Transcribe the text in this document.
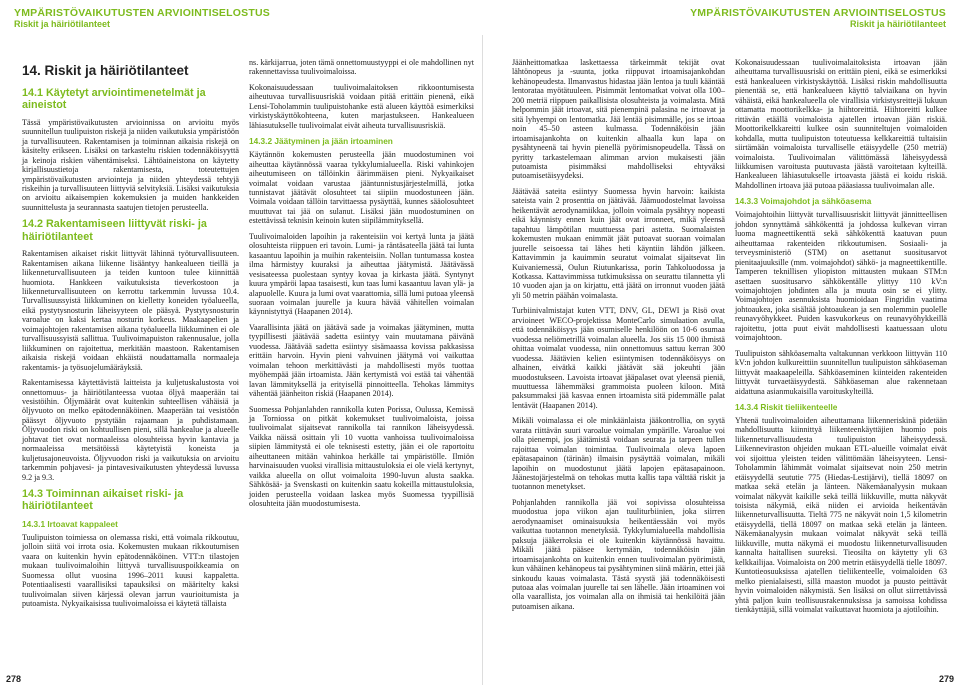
YMPÄRISTÖVAIKUTUSTEN ARVIOINTISELOSTUS
Riskit ja häiriötilanteet
YMPÄRISTÖVAIKUTUSTEN ARVIOINTISELOSTUS
Riskit ja häiriötilanteet
14. Riskit ja häiriötilanteet
14.1 Käytetyt arviointimenetelmät ja aineistot

Tässä ympäristövaikutusten arvioinnissa on arvioitu myös suunnitellun tuulipuiston riskejä ja niiden vaikutuksia ympäristöön ja turvallisuuteen. Rakentamisen ja toiminnan aikaisia riskejä on käsitelty erikseen. Lisäksi on tarkasteltu riskien todennäköisyyttä ja keinoja riskien vähentämiseksi. Lähtöaineistona on käytetty kirjallisuustietoja rakentamisesta, toteutettujen ympäristövaikutusten arviointeja ja niiden yhteydessä tehtyjä riskeihin ja turvallisuuteen liittyviä selvityksiä. Lisäksi vaikutuksia on arvioitu aikaisempien kokemuksien ja muiden hankkeiden suunnittelusta ja seurannasta saatujen tietojen perusteella.

14.2 Rakentamiseen liittyvät riski- ja häiriötilanteet

Rakentamisen aikaiset riskit liittyvät lähinnä työturvallisuuteen. Rakentamisen aikana liikenne lisääntyy hankealueen tieillä ja liikenneturvallisuuteen ja teiden kuntoon tulee kiinnittää huomiota. Hankkeen vaikutuksista tieverkostoon ja liikenneturvallisuuteen on kerrottu tarkemmin luvussa 10.4. Turvallisuussyistä liikkuminen on kielletty koneiden työalueella, eikä pystytysnosturin läheisyyteen ole pääsyä. Pystytysnosturin varoalue on kaksi kertaa nosturin korkeus. Maakaapelien ja voimajohtojen rakentamisen aikana työalueella liikkuminen ei ole turvallisuussyistä sallittua. Tuulivoimapuiston rakennusalue, jolla liikkuminen on rajoitettua, merkitään maastoon. Rakentamisen aikaisia riskejä voidaan ehkäistä noudattamalla normaaleja rakentamis- ja työsuojelumääräyksiä.

Rakentamisessa käytettävistä laitteista ja kuljetuskalustosta voi onnettomuus- ja häiriötilanteessa vuotaa öljyä maaperään tai vesistöihin. Öljymäärät ovat kuitenkin suhteellisen vähäisiä ja öljyvuoto on melko epätodennäköinen. Maaperään tai vesistöön päässyt öljyvuoto pystytään rajaamaan ja puhdistamaan. Öljyvuodon riski on kohtuullisen pieni, sillä hankealue ja alueelle johtavat tiet ovat normaaleissa olosuhteissa hyvin kantavia ja normaaleissa metsätöissä käytetyistä koneista ja kuljetusajoneuvoista. Öljyvuodon riski ja vaikutuksia on arvioitu tarkemmin pohjavesi- ja pintavesivaikutusten yhteydessä luvussa 9.2 ja 9.3.

14.3 Toiminnan aikaiset riski- ja häiriötilanteet
14.3.1 Irtoavat kappaleet

Tuulipuiston toimiessa on olemassa riski, että voimala rikkoutuu, jolloin siitä voi irrota osia. Kokemusten mukaan rikkoutumisen vaara on kuitenkin hyvin epätodennäköinen. VTT:n tilastojen mukaan tuulivoimaloihin liittyvä turvallisuuspoikkeamia on Suomessa ollut vuosina 1996–2011 kuusi kappaletta. Potentiaalisesti vaarallisiksi tapauksiksi on määritelty kaksi tuulivoimalan siiven kärjessä olevan jarrun vaurioitumista ja putoamista. Nykyaikaisissa tuulivoimaloissa ei käytetä tällaista

ns. kärkijarrua, joten tämä onnettomuustyyppi ei ole mahdollinen nyt rakennettavissa tuulivoimaloissa.

Kokonaisuudessaan tuulivoimalaitoksen rikkoontumisesta aiheutuvaa turvallisuusriskiä voidaan pitää erittäin pienenä, eikä Lensi-Toholammin tuulipuistohanke estä alueen käyttöä esimerkiksi virkistyskäyttökohteena, kuten marjastukseen. Hankealueen lähiasutukselle tuulivoimalat eivät aiheuta turvallisuusriskiä.

14.3.2 Jäätyminen ja jään irtoaminen

Käytännön kokemusten perusteella jään muodostuminen voi aiheuttaa käytännössä vaaraa tykkylumialueella. Riski vahinkojen aiheutumiseen on tällöinkin äärimmäisen pieni. Nykyaikaiset voimalat voidaan varustaa jääntunnistusjärjestelmillä, jotka tunnistavat jäätävät olosuhteet tai siipiin muodostuneen jään. Voimala voidaan tällöin tarvittaessa pysäyttää, kunnes sääolosuhteet muuttuvat tai jää on sulanut. Lisäksi jään muodostuminen on estettävissä teknisin keinoin kuten siipilämmityksellä.

Tuulivoimaloiden lapoihin ja rakenteisiin voi kertyä lunta ja jäätä olosuhteista riippuen eri tavoin. Lumi- ja räntäsateella jäätä tai lunta kasaantuu lapoihin ja muihin rakenteisiin. Nollan tuntumassa kostea ilma härmistyy kuuraksi ja aiheuttaa jäätymistä. Jäätävässä vesisateessa puolestaan syntyy kovaa ja kirkasta jäätä. Syntynyt kuura ympäröi lapaa tasaisesti, kun taas lumi kasaantuu lavan ylä- ja alapuolelle. Kuura ja lumi ovat vaarattomia, sillä lumi putoaa yleensä suoraan voimalan juurelle ja kuura hävää vähitellen voimalan käynnistyttyä (Haapanen 2014).

Vaarallisinta jäätä on jäätävä sade ja voimakas jäätyminen, mutta tyypillisesti jäätävää sadetta esiintyy vain muutamana päivänä vuodessa. Jäätävää sadetta esiintyy sisämaassa kovissa pakkasissa erittäin harvoin. Hyvin pieni vahvuinen jäätymä voi vaikuttaa voimalan tehoon merkittävästi ja mahdollisesti myös tuottaa myöhempää jään irtoamista. Jään kertymistä voi estää tai vähentää lavan lämmityksellä ja erityisellä pinnoitteella. Tehokas lämmitys vähentää jäänheiton riskiä (Haapanen 2014).

Suomessa Pohjanlahden rannikolla kuten Porissa, Oulussa, Kemissä ja Torniossa on pitkät kokemukset tuulivoimaloista, joissa tuulivoimalat sijaitsevat rannikolla tai rannikon läheisyydessä. Vaikka näissä osittain yli 10 vuotta vanhoissa tuulivoimaloissa siipien lämmitystä ei ole teknisesti estetty, jään ei ole raportoitu aiheuttaneen mitään vahinkoa herkälle tai ympäristölle. Ilmiön harvinaisuuden vuoksi virallisia mittaustuloksia ei ole vielä kertynyt, vaikka alueella on ollut voimaloita 1990-luvun alusta saakka. Sähkösää- ja Svenskasti on kuitenkin saatu kokeilla mittaustuloksia, joiden perusteella voidaan laskea myös Suomessa tyypillisiä olosuhteita jään muodostumisesta.

Jäänheittomatkaa laskettaessa tärkeimmät tekijät ovat lähtönopeus ja -suunta, jotka riippuvat irtoamisajankohdan kehänopeudesta. Ilmanvastus hidastaa jään lentoa ja tuuli kääntää lentorataa myötätuuleen. Pisimmät lentomatkat voivat olla 100–200 metriä riippuen paikallisista olosuhteista ja voimalasta. Mitä helpommin jäät irtoavat, sitä pienempinä palasina ne irtoavat ja sitä lyhyempi on lentomatka. Jää lentää pisimmälle, jos se irtoaa noin 45–50 asteen kulmassa. Todennäköisin jään irtoamisajankohta on kuitenkin alhaalla kun lapa on pysähtyneenä tai hyvin pienellä pyörimisnopeudella. Tässä on pyritty tarkastelemaan alimman arvion mukaisesti jään putoamista pisimmäksi mahdolliseksi ehtyväksi putoamisetäisyydeksi.

Jäätävää sateita esiintyy Suomessa hyvin harvoin: kaikista sateista vain 2 prosenttia on jäätävää. Jäämuodostelmat lavoissa heikentävät aerodynamiikkaa, jolloin voimala pysähtyy nopeasti eikä käynnisty ennen kuin jäät ovat irronneet, mikä yleensä tapahtuu lämpötilan muuttuessa pari astetta. Suomalaisten kokemusten mukaan enimmät jäät putoavat suoraan voimalan juurelle seisoessa tai lähes heti käyntiin lähdön jälkeen. Kattavimmin ja kauimmin seuratut voimalat sijaitsevat Iin Kuivaniemessä, Oulun Riutunkarissa, porin Tahkoluodossa ja Kotkassa. Kattavimmissa tutkimuksissa on seurattu tilannetta yli 10 vuoden ajan ja on kirjattu, että jäätä on irronnut vuoden jäätä yli 50 metrin päähän voimalasta.

Turbiinivalmistajat kuten VTT, DNV, GL, DEWI ja Risö ovat arvioineet WECO-projektissa MonteCarlo simulaation avulla, että todennäköisyys jään osumiselle henkilöön on 10-6 osumaa vuodessa neliömetrillä voimalan alueella. Jos siis 15 000 ihmistä ohittaa voimalat vuodessa, niin onnettomuus sattuu kerran 300 vuodessa. Jäätävien kelien esiintymisen todennäköisyys on alhainen, eivätkä kaikki jäätävät sää jokeuhti jään muodostukseen. Lavoista irtoavat jääpalaset ovat yleensä pieniä, muuttuessa lähemmäksi grammoista puoleen kiloon. Mitä paksummaksi jää kasvaa ennen irtoamista sitä pidemmälle palat lentävät (Haapanen 2014).

Mikäli voimalassa ei ole minkäänlaista jääkontrollia, on syytä varata riittävän suuri varoalue voimalan ympärille. Varoalue voi olla pienempi, jos jäätämistä voidaan seurata ja tarpeen tullen rajoittaa voimalan toimintaa. Tuulivoimala oleva lapoen epätasapainon (tärinän) ilmaisin pysäyttää voimalan, mikäli lapoihin on muodostunut jäätä lapojen epätasapainoon. Jäänestojärjestelmä on tehokas mutta kallis tapa välttää riskit ja tuotannon menetykset.

Pohjanlahden rannikolla jää voi sopivissa olosuhteissa muodostua jopa viikon ajan tuuliturbiinien, joka siirren aerodynaamiset ominaisuuksia heikentäessään voi myös vaikuttaa tuotannon menetyksiä. Tykkylumialueella mahdollisia paksuja jääkerroksia ei ole kuitenkin käytännössä havaittu. Mikäli jäätä pääsee kertymään, todennäköisin jään irtoamisajankohta on kuitenkin ennen tuulivoimalan pyörimistä, kun vähäinen kehänopeus tai pysähtyminen siinä määrin, ettei jää sinkoudu kauas voimalasta. Tästä syystä jää todennäköisesti putoaa alas voimalan juurelle tai sen lähelle. Jään irtoaminen voi olla vaarallista, jos voimalan alla on ihmisiä tai henkilöitä jään putoamisen aikana.

Kokonaisuudessaan tuulivoimalaitoksista irtoavan jään aiheuttama turvallisuusriski on erittäin pieni, eikä se esimerkiksi estä hankealueen virkistyskäyttöä. Lisäksi riskin mahdollisuutta pienentää se, että hankealueen käyttö talviaikana on hyvin vähäistä, eikä hankealueella ole virallisia virkistysreittejä lukuun ottamatta moottorikelkka- ja hiihtoreittiä. Hiihtoreitti kulkee rittävän etäällä voimaloista ajatellen irtoavan jään riskiä. Moottorikelkkareitti kulkee osin suunniteltujen voimaloiden kohdalla, mutta tuulipuiston toteutuessa kelkkareittiä tultaisiin siirtämään voimaloista turvalliselle etäisyydelle (250 metriä) voimaloista. Tuulivoimalan välittömässä läheisyydessä liikkumisen varoitusta puutuvasta jäästä varoitetaan kylteillä. Hankealueen lähiasutukselle irtoavasta jäästä ei koidu riskiä. Mahdollinen irtoava jää putoaa pääasiassa tuulivoimalan alle.

14.3.3 Voimajohdot ja sähköasema

Voimajohtoihin liittyvät turvallisuusriskit liittyvät jännitteellisen johdon synnyttämä sähkökenttä ja johdossa kulkevan virran luoma magneettikenttä sekä sähkökenttä kaatuvan puun aiheuttamaa rakenteiden rikkoutumisen. Sosiaali- ja terveysministeriö (STM) on asettanut suositusarvot pienitaajuuksille (mm. voimajohdot) sähkö- ja magneettikentille. Tamperen teknillisen yliopiston mittausten mukaan STM:n asettaen suositusarvo sähkökentälle ylittyy 110 kV:n voimajohtojen johdinten alla ja muuta osin se ei ylitty. Voimajohtojen asennuksista huomioidaan Fingridin vaatima johtoaukea, joka sisältää johtoaukean ja sen molemmin puolelle reunavyöhykkeet. Puiden kasvukorkeus on reunavyöhykkeillä rajoitettu, jotta puut eivät mahdollisesti kaatuessaan ulotu voimajohtoon.

Tuulipuiston sähköasemalta valtakunnan verkkoon liittyvän 110 kV:n johdon kulkureittiin suunnitellun tuulipuiston sähköaseman liittyvät maakaapeleilla. Sähköaseminen kiinteiden rakenteiden liittyvät turvaetäisyydestä. Sähköaseman alue rakennetaan aidattuna asianmukaisilla varoituskylteillä.

14.3.4 Riskit tieliikenteelle

Yhtenä tuulivoimaloiden aiheuttamana liikenneriskinä pidetään mahdollisuutta kiinnittyä liikenteenkäyttäjien huomio pois liikenneturvallisuudesta tuulipuiston läheisyydessä. Liikenneviraston ohjeiden mukaan ETL-alueille voimalat eivät voi sijoittua yleisten teiden välittömään läheisyyteen. Lensi-Toholammin lähimmät voimalat sijaitsevat noin 250 metrin etäisyydellä seututie 775 (Hiedas-Lestijärvi), tiellä 18097 on matkaa sekä etelän ja länteen. Näkemäanalyysin mukaan voimalat näkyvät kaikille sekä teillä liikkuville, mutta näkyvät toisista näkymiä, eikä niiden ei arvioida heikentävän liikenneturvallisuutta. Tieltä 775 ne näkyvät noin 1,5 kilometrin etäisyydellä, tiellä 18097 on matkaa sekä etelän ja länteen. Näkemäanalyysin mukaan voimalat näkyvät sekä teillä liikkuville, mutta näkymä ei muodostu liikenneturvallisuuden kannalta haitallisen suureksi. Tieosilta on käytetty yli 63 kelkkailijaa. Voimaloista on 200 metrin etäisyydellä tielle 18097. Kuntotieosuuksissa ajatellen tieliikenteelle, voimaloiden 63 melko pienialaisesti, sillä maaston muodot ja puusto peittävät hyvin voimaloiden näkymistä. Sen lisäksi on ollut siirrettävissä yhtä paljon kuin teollisuusrakennuksissa ja samoissa kohdissa tienkäyttäjiä, sillä voimalat vaikuttavat huomiota ja ajotiloihin.

278	279
